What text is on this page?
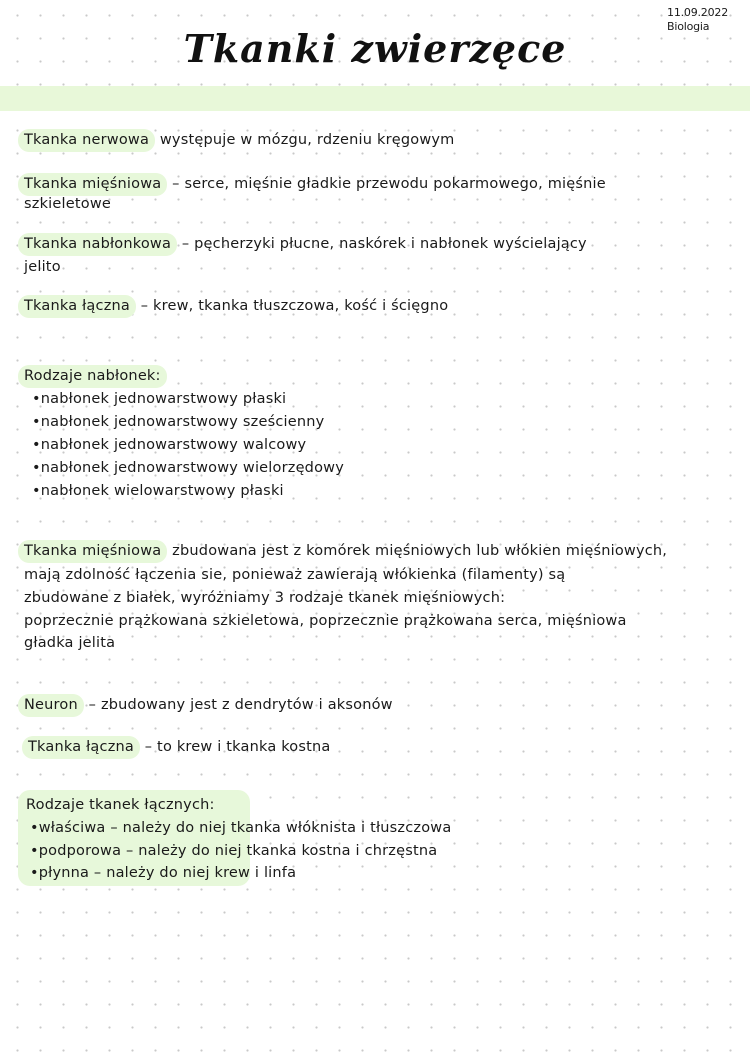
11.09.2022
Biologia
Tkanki zwierzęce
Tkanka nerwowa występuje w mózgu, rdzeniu kręgowym
Tkanka mięśniowa – serce, mięśnie gładkie przewodu pokarmowego, mięśnie
szkieletowe
Tkanka nabłonkowa – pęcherzyki płucne, naskórek i nabłonek wyścielający
jelito
Tkanka łączna – krew, tkanka tłuszczowa, kość i ścięgno
Rodzaje nabłonek:
•nabłonek jednowarstwowy płaski
•nabłonek jednowarstwowy sześcienny
•nabłonek jednowarstwowy walcowy
•nabłonek jednowarstwowy wielorzędowy
•nabłonek wielowarstwowy płaski
Tkanka mięśniowa zbudowana jest z komórek mięśniowych lub włókien mięśniowych,
mają zdolność łączenia sie, ponieważ zawierają włókienka (filamenty) są
zbudowane z białek, wyróżniamy 3 rodzaje tkanek mięśniowych:
poprzecznie prążkowana szkieletowa, poprzecznie prążkowana serca, mięśniowa
gładka jelita
Neuron – zbudowany jest z dendrytów i aksonów
Tkanka łączna – to krew i tkanka kostna
Rodzaje tkanek łącznych:
•właściwa – należy do niej tkanka włóknista i tłuszczowa
•podporowa – należy do niej tkanka kostna i chrzęstna
•płynna – należy do niej krew i linfa
